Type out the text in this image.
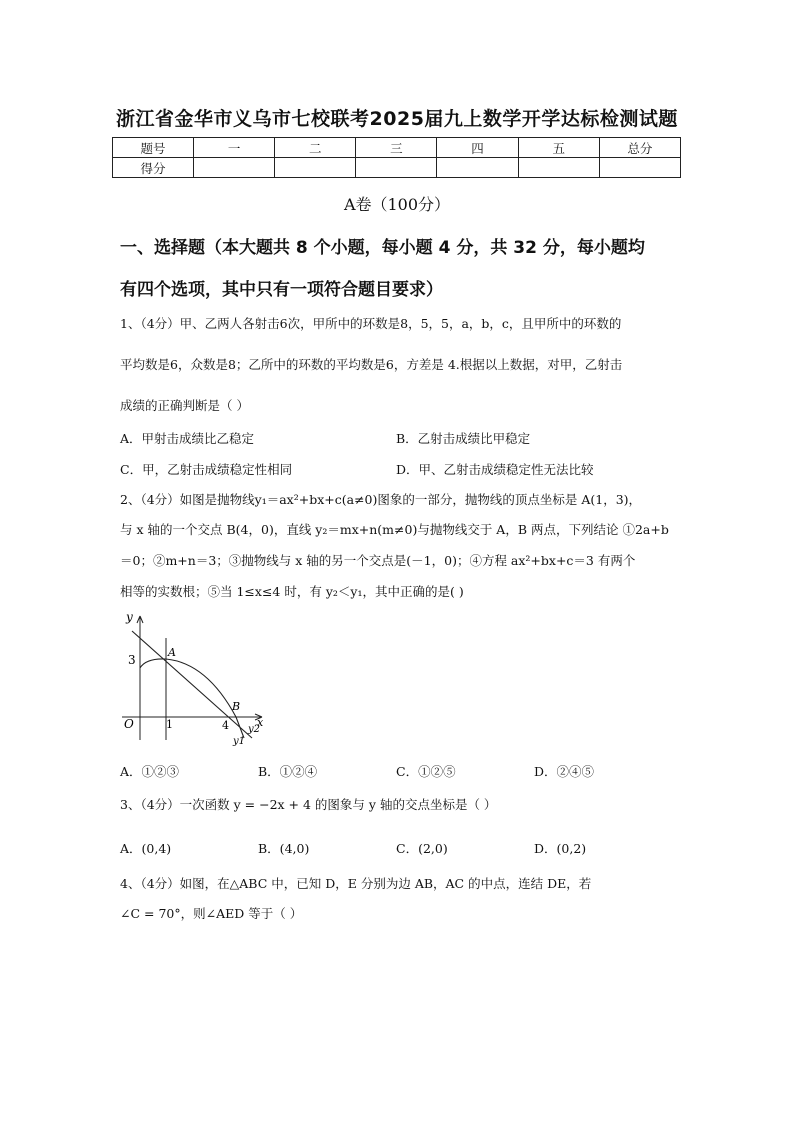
浙江省金华市义乌市七校联考2025届九上数学开学达标检测试题
题号	一	二	三	四	五	总分
得分						
A卷（100分）
一、选择题（本大题共 8 个小题，每小题 4 分，共 32 分，每小题均
有四个选项，其中只有一项符合题目要求）
1、（4分）甲、乙两人各射击6次，甲所中的环数是8，5，5，a，b，c，且甲所中的环数的
平均数是6，众数是8；乙所中的环数的平均数是6，方差是 4.根据以上数据，对甲，乙射击
成绩的正确判断是（ ）
A．甲射击成绩比乙稳定	B．乙射击成绩比甲稳定
C．甲，乙射击成绩稳定性相同	D．甲、乙射击成绩稳定性无法比较
2、（4分）如图是抛物线y₁＝ax²+bx+c(a≠0)图象的一部分，抛物线的顶点坐标是 A(1，3)，
与 x 轴的一个交点 B(4，0)，直线 y₂＝mx+n(m≠0)与抛物线交于 A，B 两点，下列结论 ①2a+b
＝0；②m+n＝3；③抛物线与 x 轴的另一个交点是(－1，0)；④方程 ax²+bx+c＝3 有两个
相等的实数根；⑤当 1≤x≤4 时，有 y₂＜y₁，其中正确的是( )
y
x
O
3
1	4
A
B
y2
y1
A．①②③	B．①②④	C．①②⑤	D．②④⑤
3、（4分）一次函数 y = −2x + 4 的图象与 y 轴的交点坐标是（ ）
A．(0,4)	B．(4,0)	C．(2,0)	D．(0,2)
4、（4分）如图，在△ABC 中，已知 D，E 分别为边 AB，AC 的中点，连结 DE，若
∠C = 70°，则∠AED 等于（ ）
